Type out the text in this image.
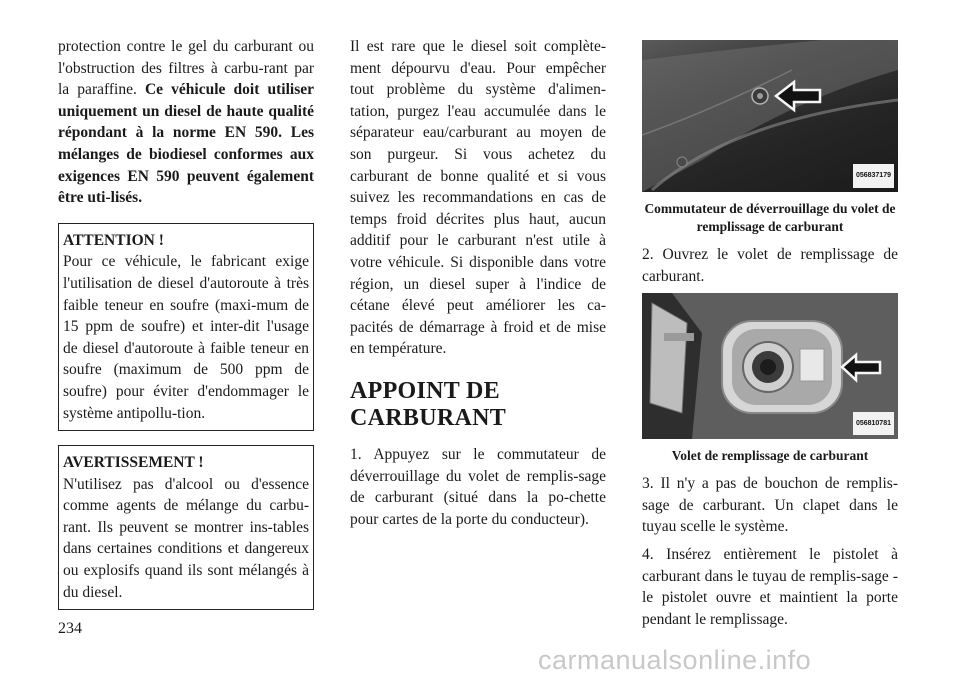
protection contre le gel du carburant ou l'obstruction des filtres à carbu-rant par la paraffine. Ce véhicule doit utiliser uniquement un diesel de haute qualité répondant à la norme EN 590. Les mélanges de biodiesel conformes aux exigences EN 590 peuvent également être uti-lisés.

ATTENTION !
Pour ce véhicule, le fabricant exige l'utilisation de diesel d'autoroute à très faible teneur en soufre (maxi-mum de 15 ppm de soufre) et inter-dit l'usage de diesel d'autoroute à faible teneur en soufre (maximum de 500 ppm de soufre) pour éviter d'endommager le système antipollu-tion.
AVERTISSEMENT !
N'utilisez pas d'alcool ou d'essence comme agents de mélange du carbu-rant. Ils peuvent se montrer ins-tables dans certaines conditions et dangereux ou explosifs quand ils sont mélangés à du diesel.

Il est rare que le diesel soit complète-ment dépourvu d'eau. Pour empêcher tout problème du système d'alimen-tation, purgez l'eau accumulée dans le séparateur eau/carburant au moyen de son purgeur. Si vous achetez du carburant de bonne qualité et si vous suivez les recommandations en cas de temps froid décrites plus haut, aucun additif pour le carburant n'est utile à votre véhicule. Si disponible dans votre région, un diesel super à l'indice de cétane élevé peut améliorer les ca-pacités de démarrage à froid et de mise en température.

APPOINT DE CARBURANT

1. Appuyez sur le commutateur de déverrouillage du volet de remplis-sage de carburant (situé dans la po-chette pour cartes de la porte du conducteur).

056837179

Commutateur de déverrouillage du volet de remplissage de carburant

2. Ouvrez le volet de remplissage de carburant.

056810781

Volet de remplissage de carburant

3. Il n'y a pas de bouchon de remplis-sage de carburant. Un clapet dans le tuyau scelle le système.

4. Insérez entièrement le pistolet à carburant dans le tuyau de remplis-sage - le pistolet ouvre et maintient la porte pendant le remplissage.

234
carmanualsonline.info
